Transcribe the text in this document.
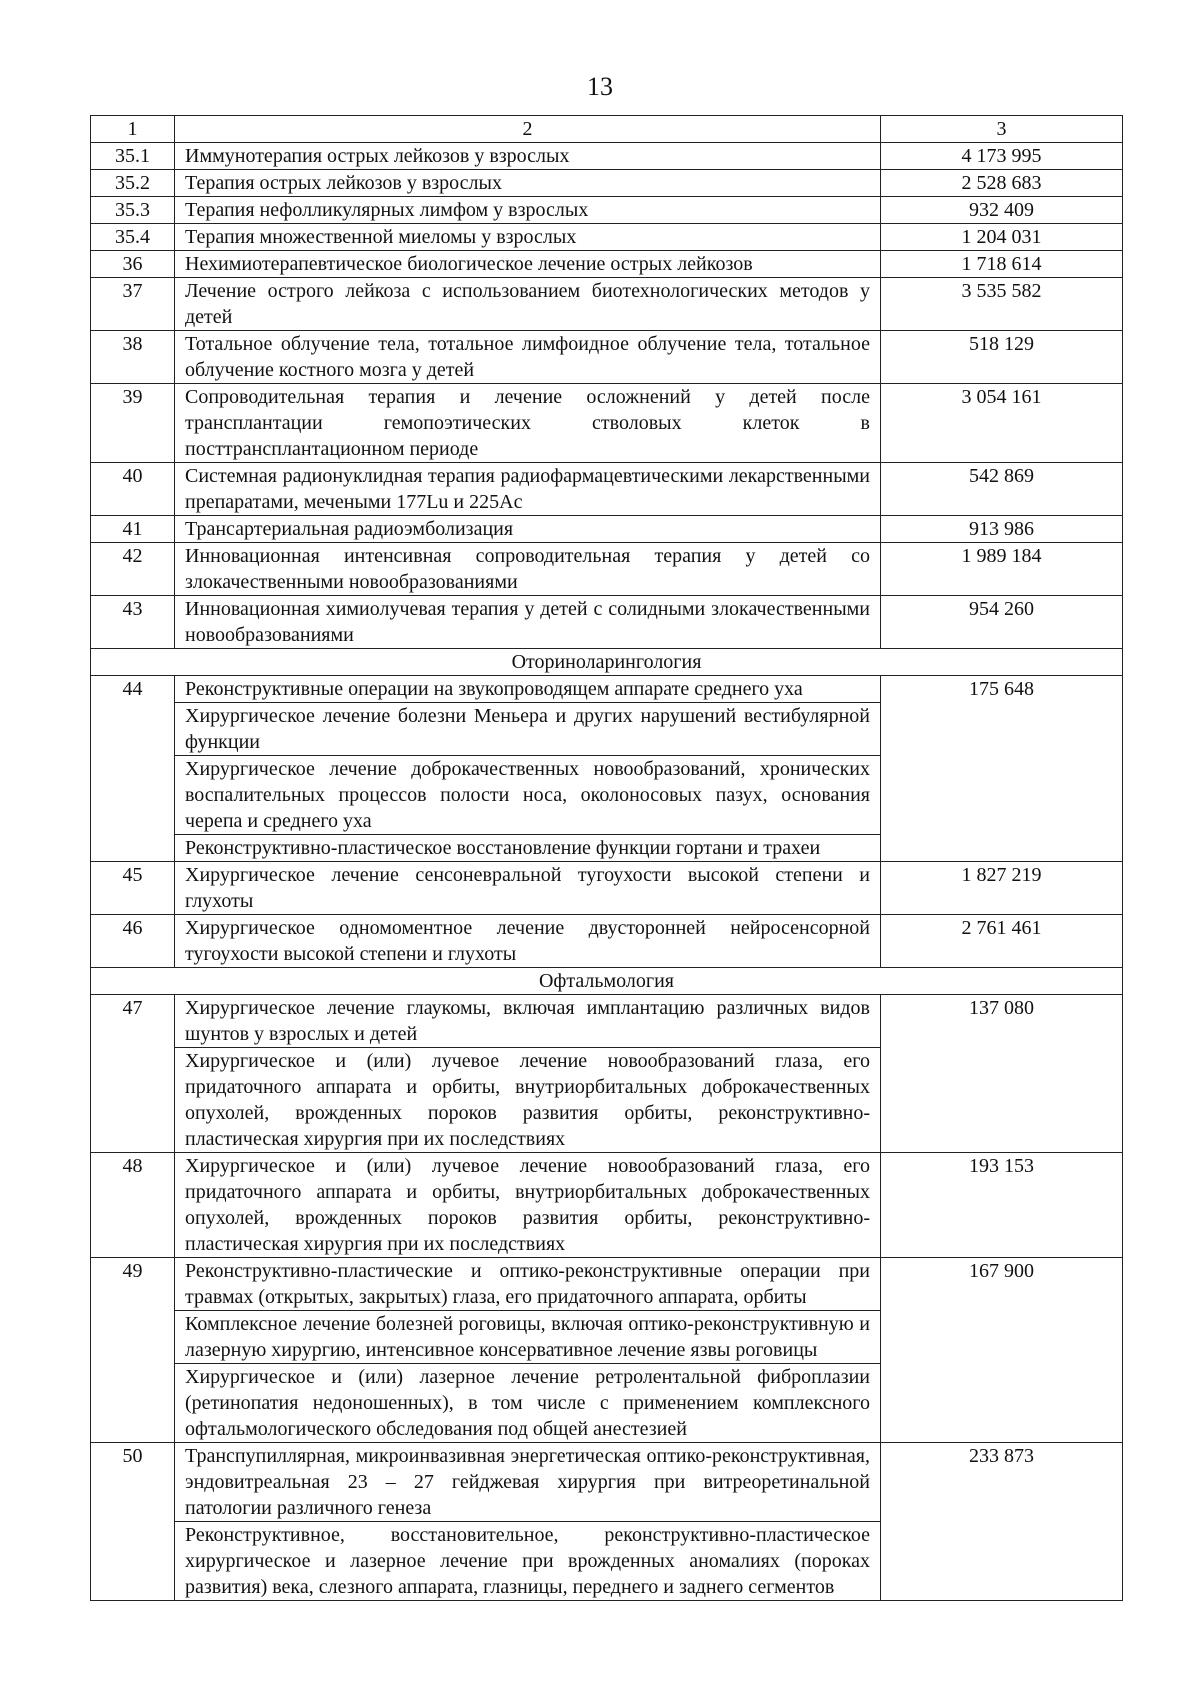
13
1	2	3
35.1	Иммунотерапия острых лейкозов у взрослых	4 173 995
35.2	Терапия острых лейкозов у взрослых	2 528 683
35.3	Терапия нефолликулярных лимфом у взрослых	932 409
35.4	Терапия множественной миеломы у взрослых	1 204 031
36	Нехимиотерапевтическое биологическое лечение острых лейкозов	1 718 614
37	Лечение острого лейкоза с использованием биотехнологических методов у детей	3 535 582
38	Тотальное облучение тела, тотальное лимфоидное облучение тела, тотальное облучение костного мозга у детей	518 129
39	Сопроводительная терапия и лечение осложнений у детей после трансплантации гемопоэтических стволовых клеток в посттрансплантационном периоде	3 054 161
40	Системная радионуклидная терапия радиофармацевтическими лекарственными препаратами, мечеными 177Lu и 225Ac	542 869
41	Трансартериальная радиоэмболизация	913 986
42	Инновационная интенсивная сопроводительная терапия у детей со злокачественными новообразованиями	1 989 184
43	Инновационная химиолучевая терапия у детей с солидными злокачественными новообразованиями	954 260
Оториноларингология		
44	Реконструктивные операции на звукопроводящем аппарате среднего уха	175 648
	Хирургическое лечение болезни Меньера и других нарушений вестибулярной функции	
	Хирургическое лечение доброкачественных новообразований, хронических воспалительных процессов полости носа, околоносовых пазух, основания черепа и среднего уха	
	Реконструктивно-пластическое восстановление функции гортани и трахеи	
45	Хирургическое лечение сенсоневральной тугоухости высокой степени и глухоты	1 827 219
46	Хирургическое одномоментное лечение двусторонней нейросенсорной тугоухости высокой степени и глухоты	2 761 461
Офтальмология		
47	Хирургическое лечение глаукомы, включая имплантацию различных видов шунтов у взрослых и детей	137 080
	Хирургическое и (или) лучевое лечение новообразований глаза, его придаточного аппарата и орбиты, внутриорбитальных доброкачественных опухолей, врожденных пороков развития орбиты, реконструктивно-пластическая хирургия при их последствиях	
48	Хирургическое и (или) лучевое лечение новообразований глаза, его придаточного аппарата и орбиты, внутриорбитальных доброкачественных опухолей, врожденных пороков развития орбиты, реконструктивно-пластическая хирургия при их последствиях	193 153
49	Реконструктивно-пластические и оптико-реконструктивные операции при травмах (открытых, закрытых) глаза, его придаточного аппарата, орбиты	167 900
	Комплексное лечение болезней роговицы, включая оптико-реконструктивную и лазерную хирургию, интенсивное консервативное лечение язвы роговицы	
	Хирургическое и (или) лазерное лечение ретролентальной фиброплазии (ретинопатия недоношенных), в том числе с применением комплексного офтальмологического обследования под общей анестезией	
50	Транспупиллярная, микроинвазивная энергетическая оптико-реконструктивная, эндовитреальная 23 – 27 гейджевая хирургия при витреоретинальной патологии различного генеза	233 873
	Реконструктивное, восстановительное, реконструктивно-пластическое хирургическое и лазерное лечение при врожденных аномалиях (пороках развития) века, слезного аппарата, глазницы, переднего и заднего сегментов	
